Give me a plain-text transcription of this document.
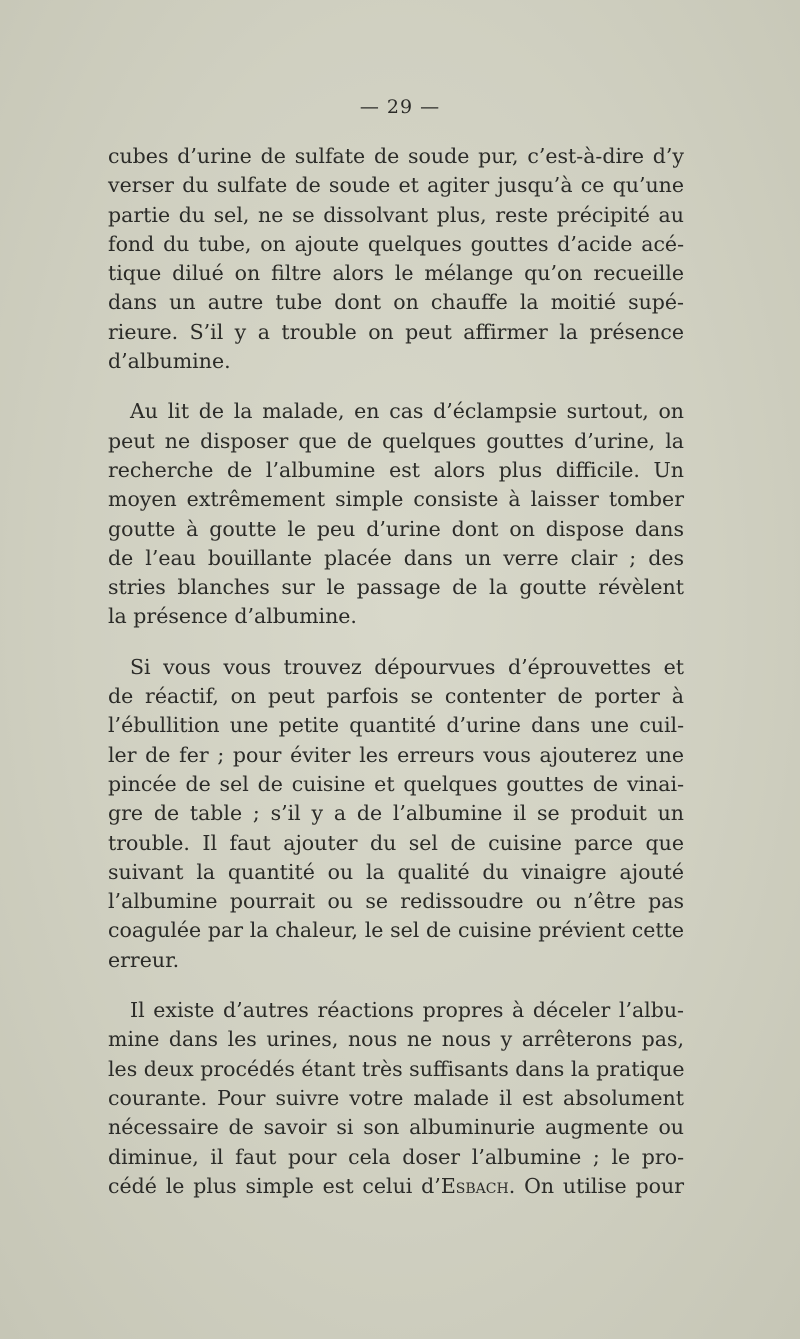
— 29 —
cubes d’urine de sulfate de soude pur, c’est-à-dire d’y
verser du sulfate de soude et agiter jusqu’à ce qu’une
partie du sel, ne se dissolvant plus, reste précipité au
fond du tube, on ajoute quelques gouttes d’acide acé-
tique dilué on filtre alors le mélange qu’on recueille
dans un autre tube dont on chauffe la moitié supé-
rieure. S’il y a trouble on peut affirmer la présence
d’albumine.
Au lit de la malade, en cas d’éclampsie surtout, on
peut ne disposer que de quelques gouttes d’urine, la
recherche de l’albumine est alors plus difficile. Un
moyen extrêmement simple consiste à laisser tomber
goutte à goutte le peu d’urine dont on dispose dans
de l’eau bouillante placée dans un verre clair ; des
stries blanches sur le passage de la goutte révèlent
la présence d’albumine.
Si vous vous trouvez dépourvues d’éprouvettes et
de réactif, on peut parfois se contenter de porter à
l’ébullition une petite quantité d’urine dans une cuil-
ler de fer ; pour éviter les erreurs vous ajouterez une
pincée de sel de cuisine et quelques gouttes de vinai-
gre de table ; s’il y a de l’albumine il se produit un
trouble. Il faut ajouter du sel de cuisine parce que
suivant la quantité ou la qualité du vinaigre ajouté
l’albumine pourrait ou se redissoudre ou n’être pas
coagulée par la chaleur, le sel de cuisine prévient cette
erreur.
Il existe d’autres réactions propres à déceler l’albu-
mine dans les urines, nous ne nous y arrêterons pas,
les deux procédés étant très suffisants dans la pratique
courante. Pour suivre votre malade il est absolument
nécessaire de savoir si son albuminurie augmente ou
diminue, il faut pour cela doser l’albumine ; le pro-
cédé le plus simple est celui d’Esbach. On utilise pour
